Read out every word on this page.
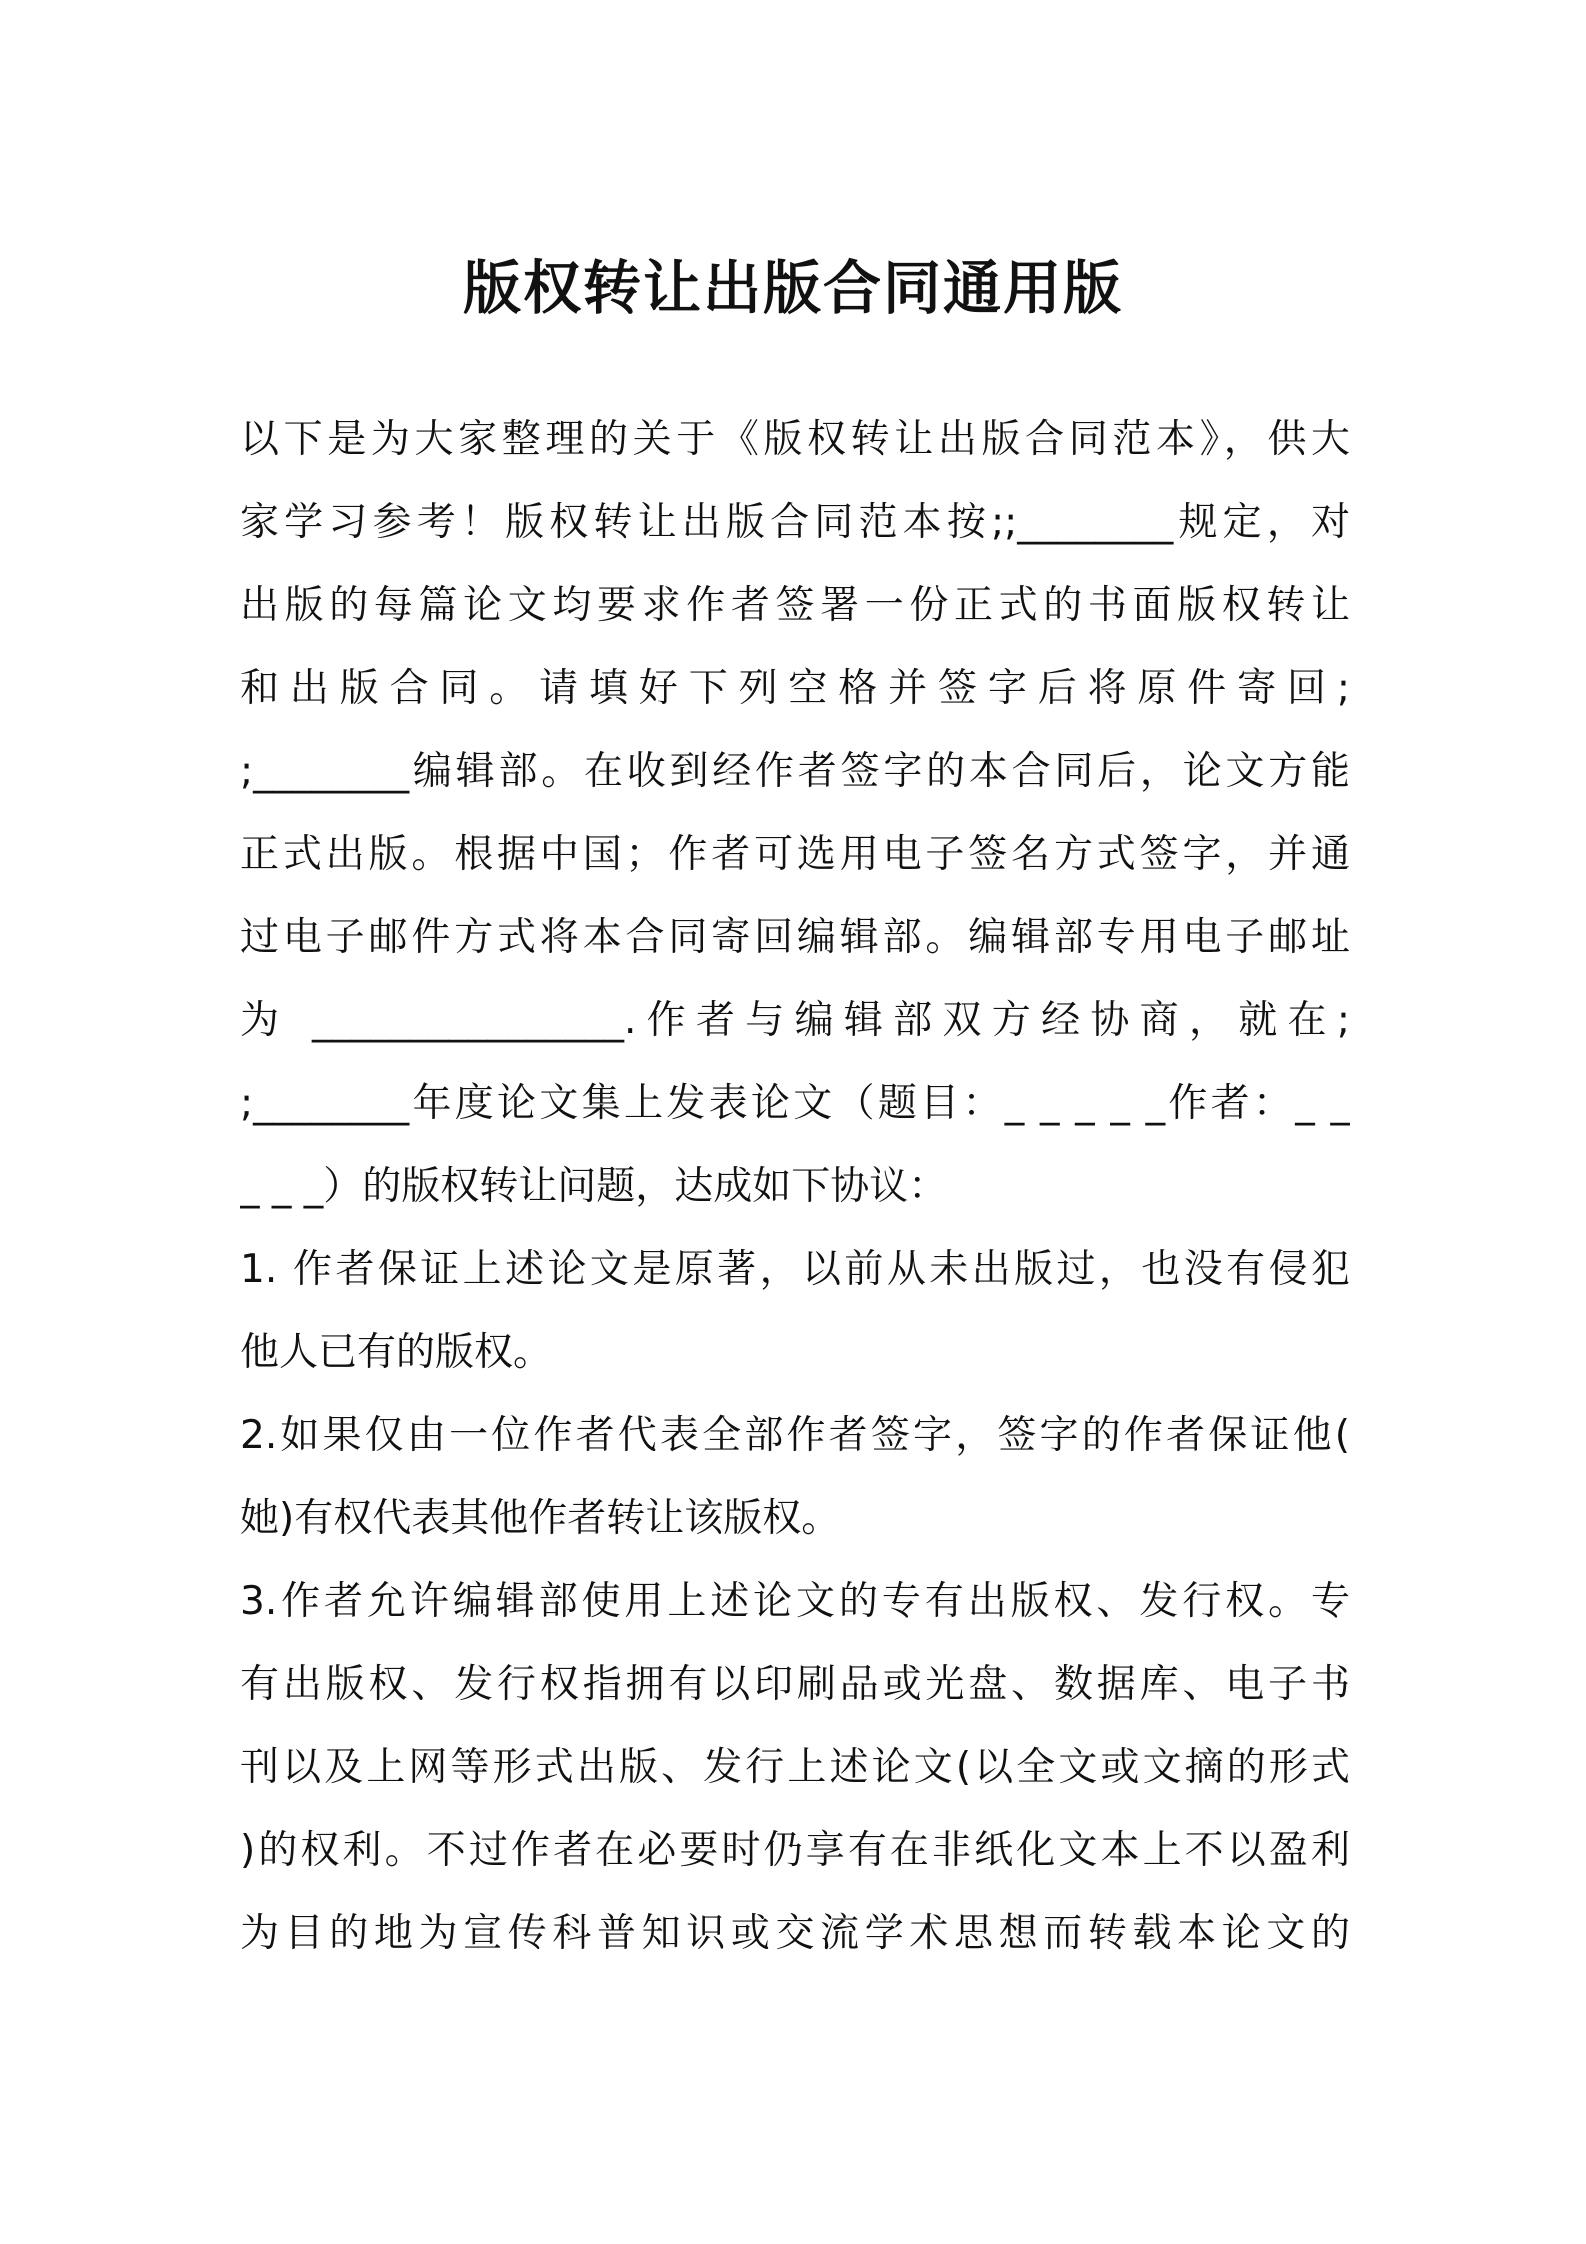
版权转让出版合同通用版
以下是为大家整理的关于《版权转让出版合同范本》，供大
家学习参考！版权转让出版合同范本按;;________规定，对
出版的每篇论文均要求作者签署一份正式的书面版权转让
和出版合同。请填好下列空格并签字后将原件寄回;
;________编辑部。在收到经作者签字的本合同后，论文方能
正式出版。根据中国；作者可选用电子签名方式签字，并通
过电子邮件方式将本合同寄回编辑部。编辑部专用电子邮址
为 ________________.作者与编辑部双方经协商，就在;
;________年度论文集上发表论文（题目：_ _ _ _ _作者：_ _
_ _ _）的版权转让问题，达成如下协议：
1. 作者保证上述论文是原著，以前从未出版过，也没有侵犯
他人已有的版权。
2.如果仅由一位作者代表全部作者签字，签字的作者保证他(
她)有权代表其他作者转让该版权。
3.作者允许编辑部使用上述论文的专有出版权、发行权。专
有出版权、发行权指拥有以印刷品或光盘、数据库、电子书
刊以及上网等形式出版、发行上述论文(以全文或文摘的形式
)的权利。不过作者在必要时仍享有在非纸化文本上不以盈利
为目的地为宣传科普知识或交流学术思想而转载本论文的
